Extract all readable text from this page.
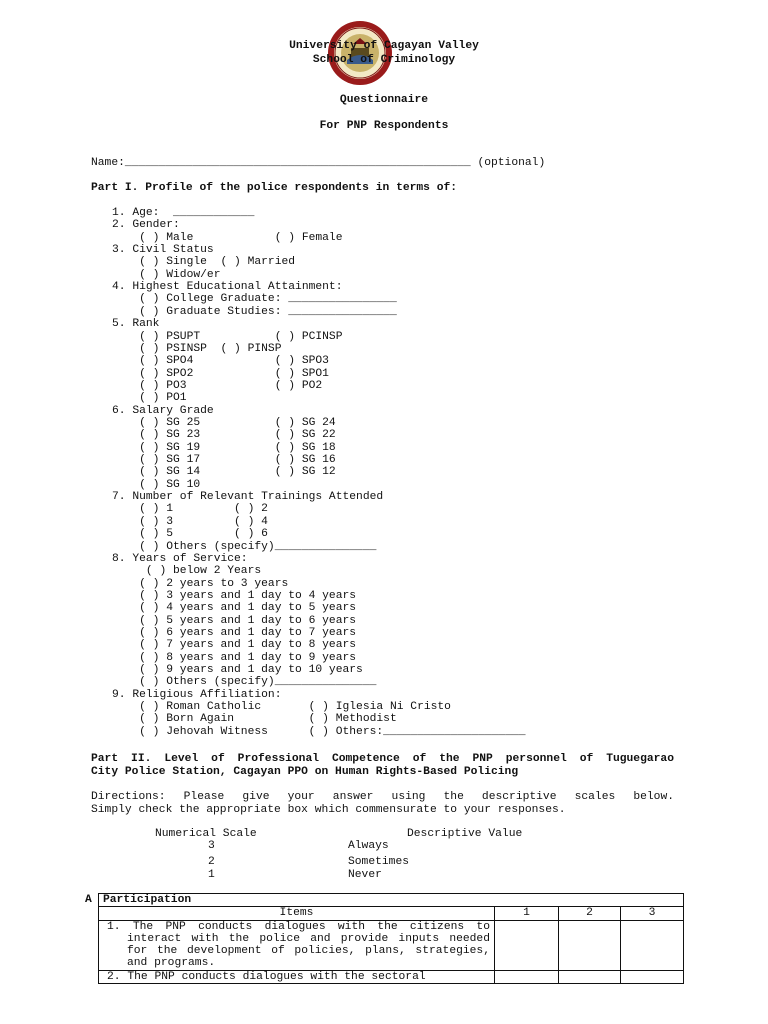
University of Cagayan Valley
School of Criminology
Questionnaire
For PNP Respondents
Name:___________________________________________________ (optional)
Part I. Profile of the police respondents in terms of:
1. Age:  ____________
2. Gender:
( ) Male            ( ) Female
3. Civil Status
( ) Single  ( ) Married
( ) Widow/er
4. Highest Educational Attainment:
( ) College Graduate: ________________
( ) Graduate Studies: ________________
5. Rank
( ) PSUPT           ( ) PCINSP
( ) PSINSP  ( ) PINSP
( ) SPO4            ( ) SPO3
( ) SPO2            ( ) SPO1
( ) PO3             ( ) PO2
( ) PO1
6. Salary Grade
( ) SG 25           ( ) SG 24
( ) SG 23           ( ) SG 22
( ) SG 19           ( ) SG 18
( ) SG 17           ( ) SG 16
( ) SG 14           ( ) SG 12
( ) SG 10
7. Number of Relevant Trainings Attended
( ) 1         ( ) 2
( ) 3         ( ) 4
( ) 5         ( ) 6
( ) Others (specify)_______________
8. Years of Service:
( ) below 2 Years
( ) 2 years to 3 years
( ) 3 years and 1 day to 4 years
( ) 4 years and 1 day to 5 years
( ) 5 years and 1 day to 6 years
( ) 6 years and 1 day to 7 years
( ) 7 years and 1 day to 8 years
( ) 8 years and 1 day to 9 years
( ) 9 years and 1 day to 10 years
( ) Others (specify)_______________
9. Religious Affiliation:
( ) Roman Catholic       ( ) Iglesia Ni Cristo
( ) Born Again           ( ) Methodist
( ) Jehovah Witness      ( ) Others:_____________________
Part II. Level of Professional Competence of the PNP personnel of Tuguegarao
City Police Station, Cagayan PPO on Human Rights-Based Policing
Directions: Please give your answer using the descriptive scales below.
Simply check the appropriate box which commensurate to your responses.
Numerical Scale	Descriptive Value
3	Always
2	Sometimes
1	Never
A Participation			
Items	1	2	3
1. The PNP conducts dialogues with the citizens to interact with the police and provide inputs needed for the development of policies, plans, strategies, and programs.			
2. The PNP conducts dialogues with the sectoral			
